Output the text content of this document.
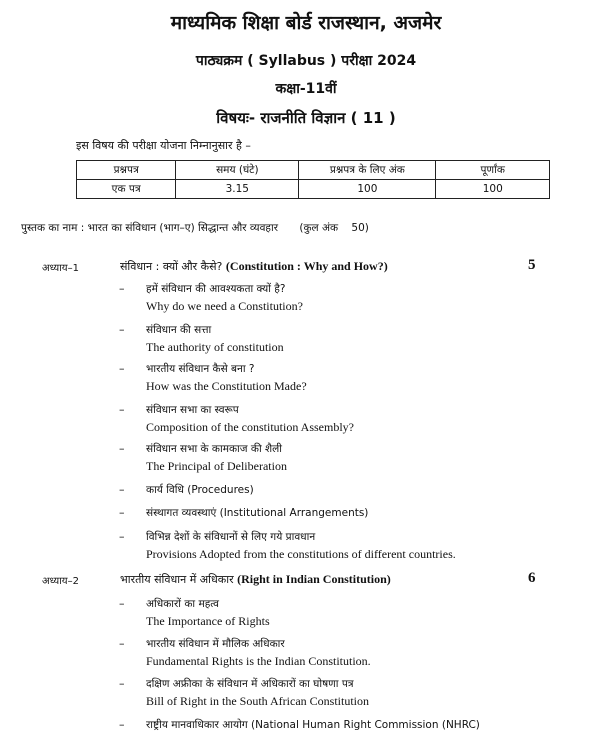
माध्यमिक शिक्षा बोर्ड राजस्थान, अजमेर
पाठ्यक्रम ( Syllabus ) परीक्षा 2024
कक्षा-11वीं
विषयः- राजनीति विज्ञान ( 11 )
इस विषय की परीक्षा योजना निम्नानुसार है –
प्रश्नपत्र	समय (घंटे)	प्रश्नपत्र के लिए अंक	पूर्णांक
एक पत्र	3.15	100	100
पुस्तक का नाम : भारत का संविधान (भाग–ए) सिद्धान्त और व्यवहार (कुल अंक 50)
अध्याय–1	संविधान : क्यों और कैसे? (Constitution : Why and How?)	5
– हमें संविधान की आवश्यकता क्यों है?
Why do we need a Constitution?
– संविधान की सत्ता
The authority of constitution
– भारतीय संविधान कैसे बना ?
How was the Constitution Made?
– संविधान सभा का स्वरूप
Composition of the constitution Assembly?
– संविधान सभा के कामकाज की शैली
The Principal of Deliberation
– कार्य विधि (Procedures)
– संस्थागत व्यवस्थाएं (Institutional Arrangements)
– विभिन्न देशों के संविधानों से लिए गये प्रावधान
Provisions Adopted from the constitutions of different countries.
अध्याय–2	भारतीय संविधान में अधिकार (Right in Indian Constitution)	6
– अधिकारों का महत्व
The Importance of Rights
– भारतीय संविधान में मौलिक अधिकार
Fundamental Rights is the Indian Constitution.
– दक्षिण अफ्रीका के संविधान में अधिकारों का घोषणा पत्र
Bill of Right in the South African Constitution
– राष्ट्रीय मानवाधिकार आयोग (National Human Right Commission (NHRC)
